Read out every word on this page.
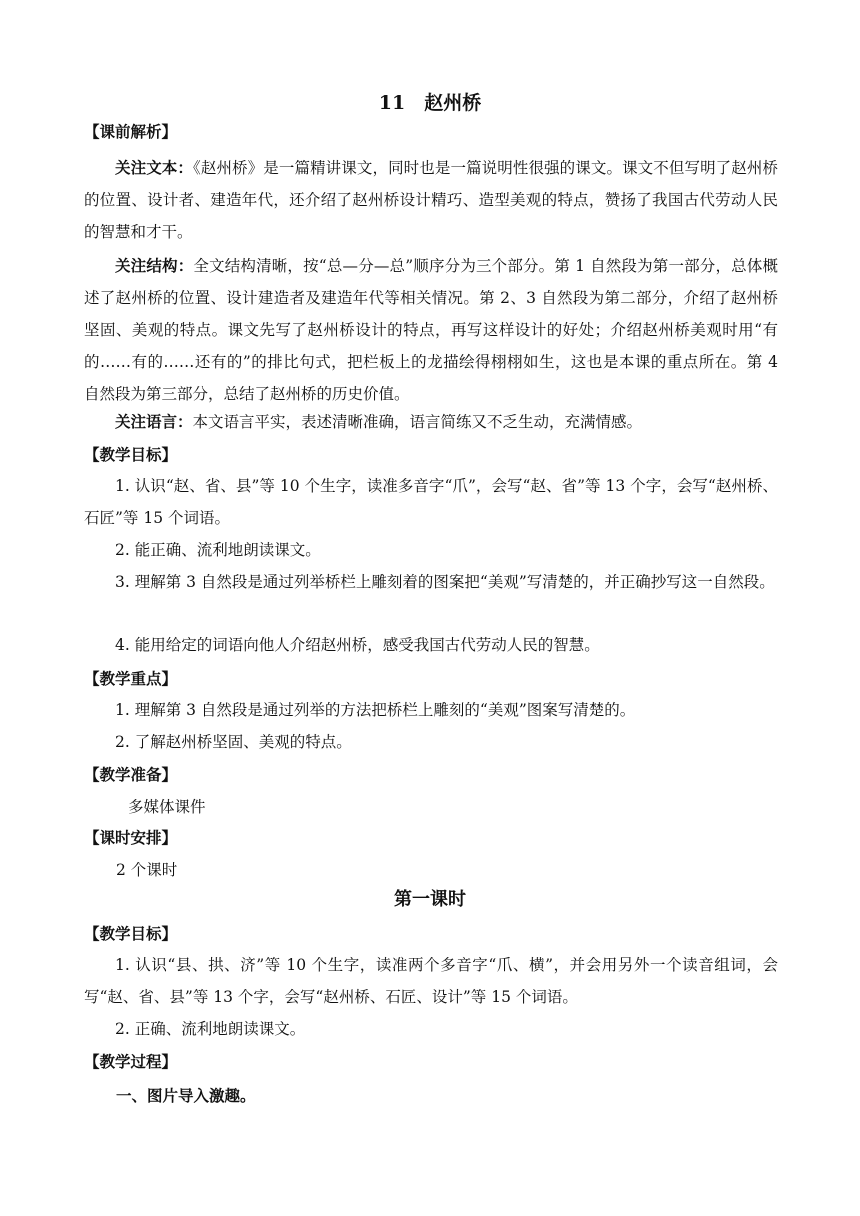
11　赵州桥
【课前解析】
关注文本：《赵州桥》是一篇精讲课文，同时也是一篇说明性很强的课文。课文不但写明了赵州桥的位置、设计者、建造年代，还介绍了赵州桥设计精巧、造型美观的特点，赞扬了我国古代劳动人民的智慧和才干。
关注结构：全文结构清晰，按“总—分—总”顺序分为三个部分。第 1 自然段为第一部分，总体概述了赵州桥的位置、设计建造者及建造年代等相关情况。第 2、3 自然段为第二部分，介绍了赵州桥坚固、美观的特点。课文先写了赵州桥设计的特点，再写这样设计的好处；介绍赵州桥美观时用“有的……有的……还有的”的排比句式，把栏板上的龙描绘得栩栩如生，这也是本课的重点所在。第 4 自然段为第三部分，总结了赵州桥的历史价值。
关注语言：本文语言平实，表述清晰准确，语言简练又不乏生动，充满情感。
【教学目标】
1. 认识“赵、省、县”等 10 个生字，读准多音字“爪”，会写“赵、省”等 13 个字，会写“赵州桥、石匠”等 15 个词语。
2. 能正确、流利地朗读课文。
3. 理解第 3 自然段是通过列举桥栏上雕刻着的图案把“美观”写清楚的，并正确抄写这一自然段。
4. 能用给定的词语向他人介绍赵州桥，感受我国古代劳动人民的智慧。
【教学重点】
1. 理解第 3 自然段是通过列举的方法把桥栏上雕刻的“美观”图案写清楚的。
2. 了解赵州桥坚固、美观的特点。
【教学准备】
多媒体课件
【课时安排】
2 个课时
第一课时
【教学目标】
1. 认识“县、拱、济”等 10 个生字，读准两个多音字“爪、横”，并会用另外一个读音组词，会写“赵、省、县”等 13 个字，会写“赵州桥、石匠、设计”等 15 个词语。
2. 正确、流利地朗读课文。
【教学过程】
一、图片导入激趣。
